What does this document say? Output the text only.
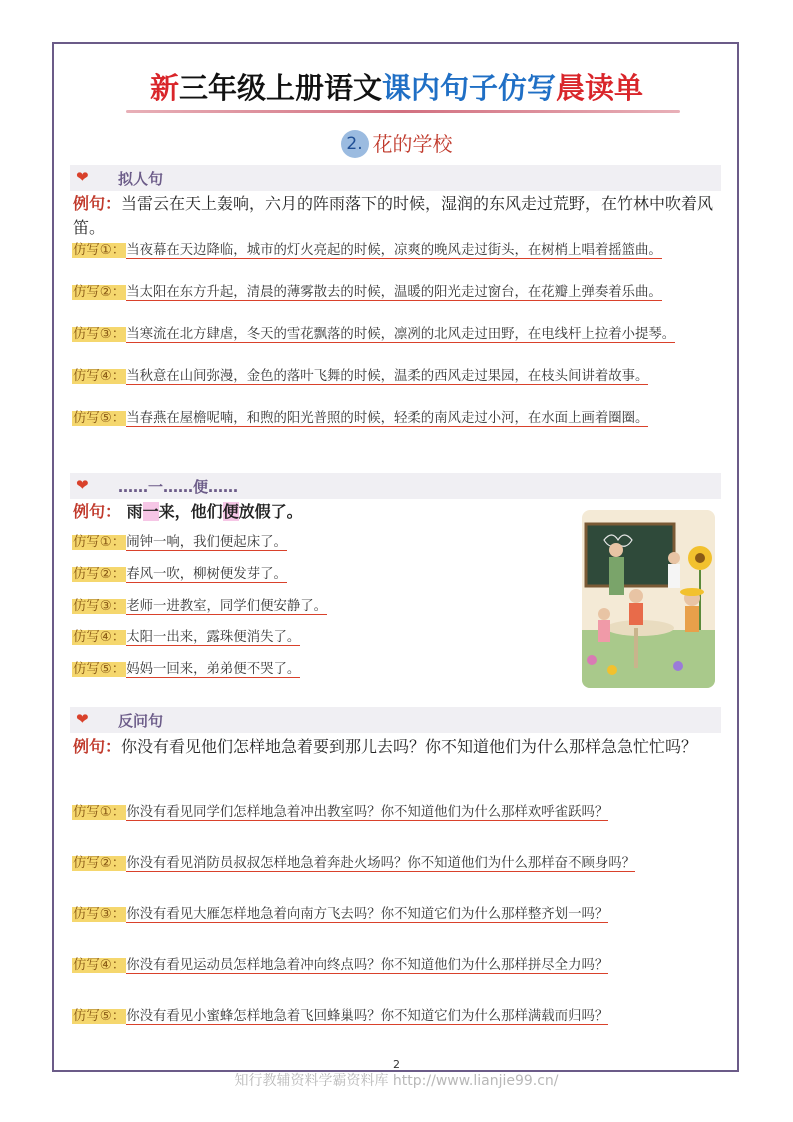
新三年级上册语文课内句子仿写晨读单
2. 花的学校
❤ 拟人句
例句：当雷云在天上轰响，六月的阵雨落下的时候，湿润的东风走过荒野，在竹林中吹着风笛。
仿写①：当夜幕在天边降临，城市的灯火亮起的时候，凉爽的晚风走过街头，在树梢上唱着摇篮曲。
仿写②：当太阳在东方升起，清晨的薄雾散去的时候，温暖的阳光走过窗台，在花瓣上弹奏着乐曲。
仿写③：当寒流在北方肆虐，冬天的雪花飘落的时候，凛冽的北风走过田野，在电线杆上拉着小提琴。
仿写④：当秋意在山间弥漫，金色的落叶飞舞的时候，温柔的西风走过果园，在枝头间讲着故事。
仿写⑤：当春燕在屋檐呢喃，和煦的阳光普照的时候，轻柔的南风走过小河，在水面上画着圈圈。
❤ ……一……便……
例句： 雨一来，他们便放假了。
仿写①：闹钟一响，我们便起床了。
仿写②：春风一吹，柳树便发芽了。
仿写③：老师一进教室，同学们便安静了。
仿写④：太阳一出来，露珠便消失了。
仿写⑤：妈妈一回来，弟弟便不哭了。
❤ 反问句
例句：你没有看见他们怎样地急着要到那儿去吗？你不知道他们为什么那样急急忙忙吗？
仿写①：你没有看见同学们怎样地急着冲出教室吗？你不知道他们为什么那样欢呼雀跃吗？
仿写②：你没有看见消防员叔叔怎样地急着奔赴火场吗？你不知道他们为什么那样奋不顾身吗？
仿写③：你没有看见大雁怎样地急着向南方飞去吗？你不知道它们为什么那样整齐划一吗？
仿写④：你没有看见运动员怎样地急着冲向终点吗？你不知道他们为什么那样拼尽全力吗？
仿写⑤：你没有看见小蜜蜂怎样地急着飞回蜂巢吗？你不知道它们为什么那样满载而归吗？
2
知行教辅资料学霸资料库 http://www.lianjie99.cn/
